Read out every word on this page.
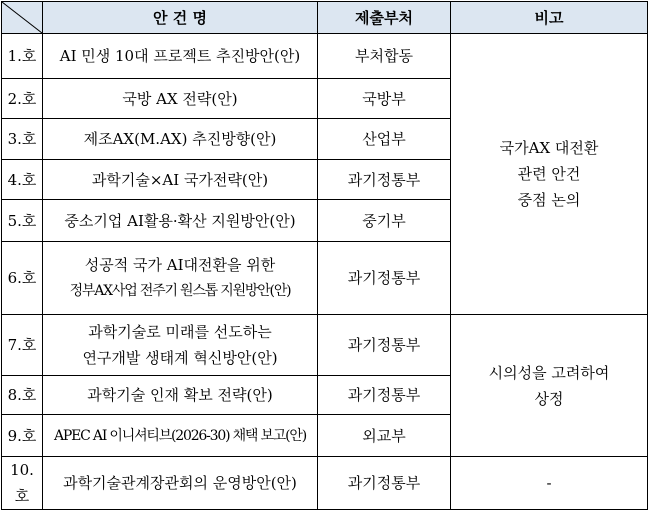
	안 건 명	제출부처	비고
1.호	AI 민생 10대 프로젝트 추진방안(안)	부처합동	국가AX 대전환
관련 안건
중점 논의

2.호	국방 AX 전략(안)	국방부	
3.호	제조AX(M.AX) 추진방향(안)	산업부	
4.호	과학기술×AI 국가전략(안)	과기정통부	
5.호	중소기업 AI활용·확산 지원방안(안)	중기부	
6.호	성공적 국가 AI대전환을 위한
정부AX사업 전주기 원스톱 지원방안(안)	과기정통부	
7.호	과학기술로 미래를 선도하는
연구개발 생태계 혁신방안(안)	과기정통부	시의성을 고려하여
상정

8.호	과학기술 인재 확보 전략(안)	과기정통부	
9.호	APEC AI 이니셔티브(2026-30) 채택 보고(안)	외교부	
10.호	과학기술관계장관회의 운영방안(안)	과기정통부	-
